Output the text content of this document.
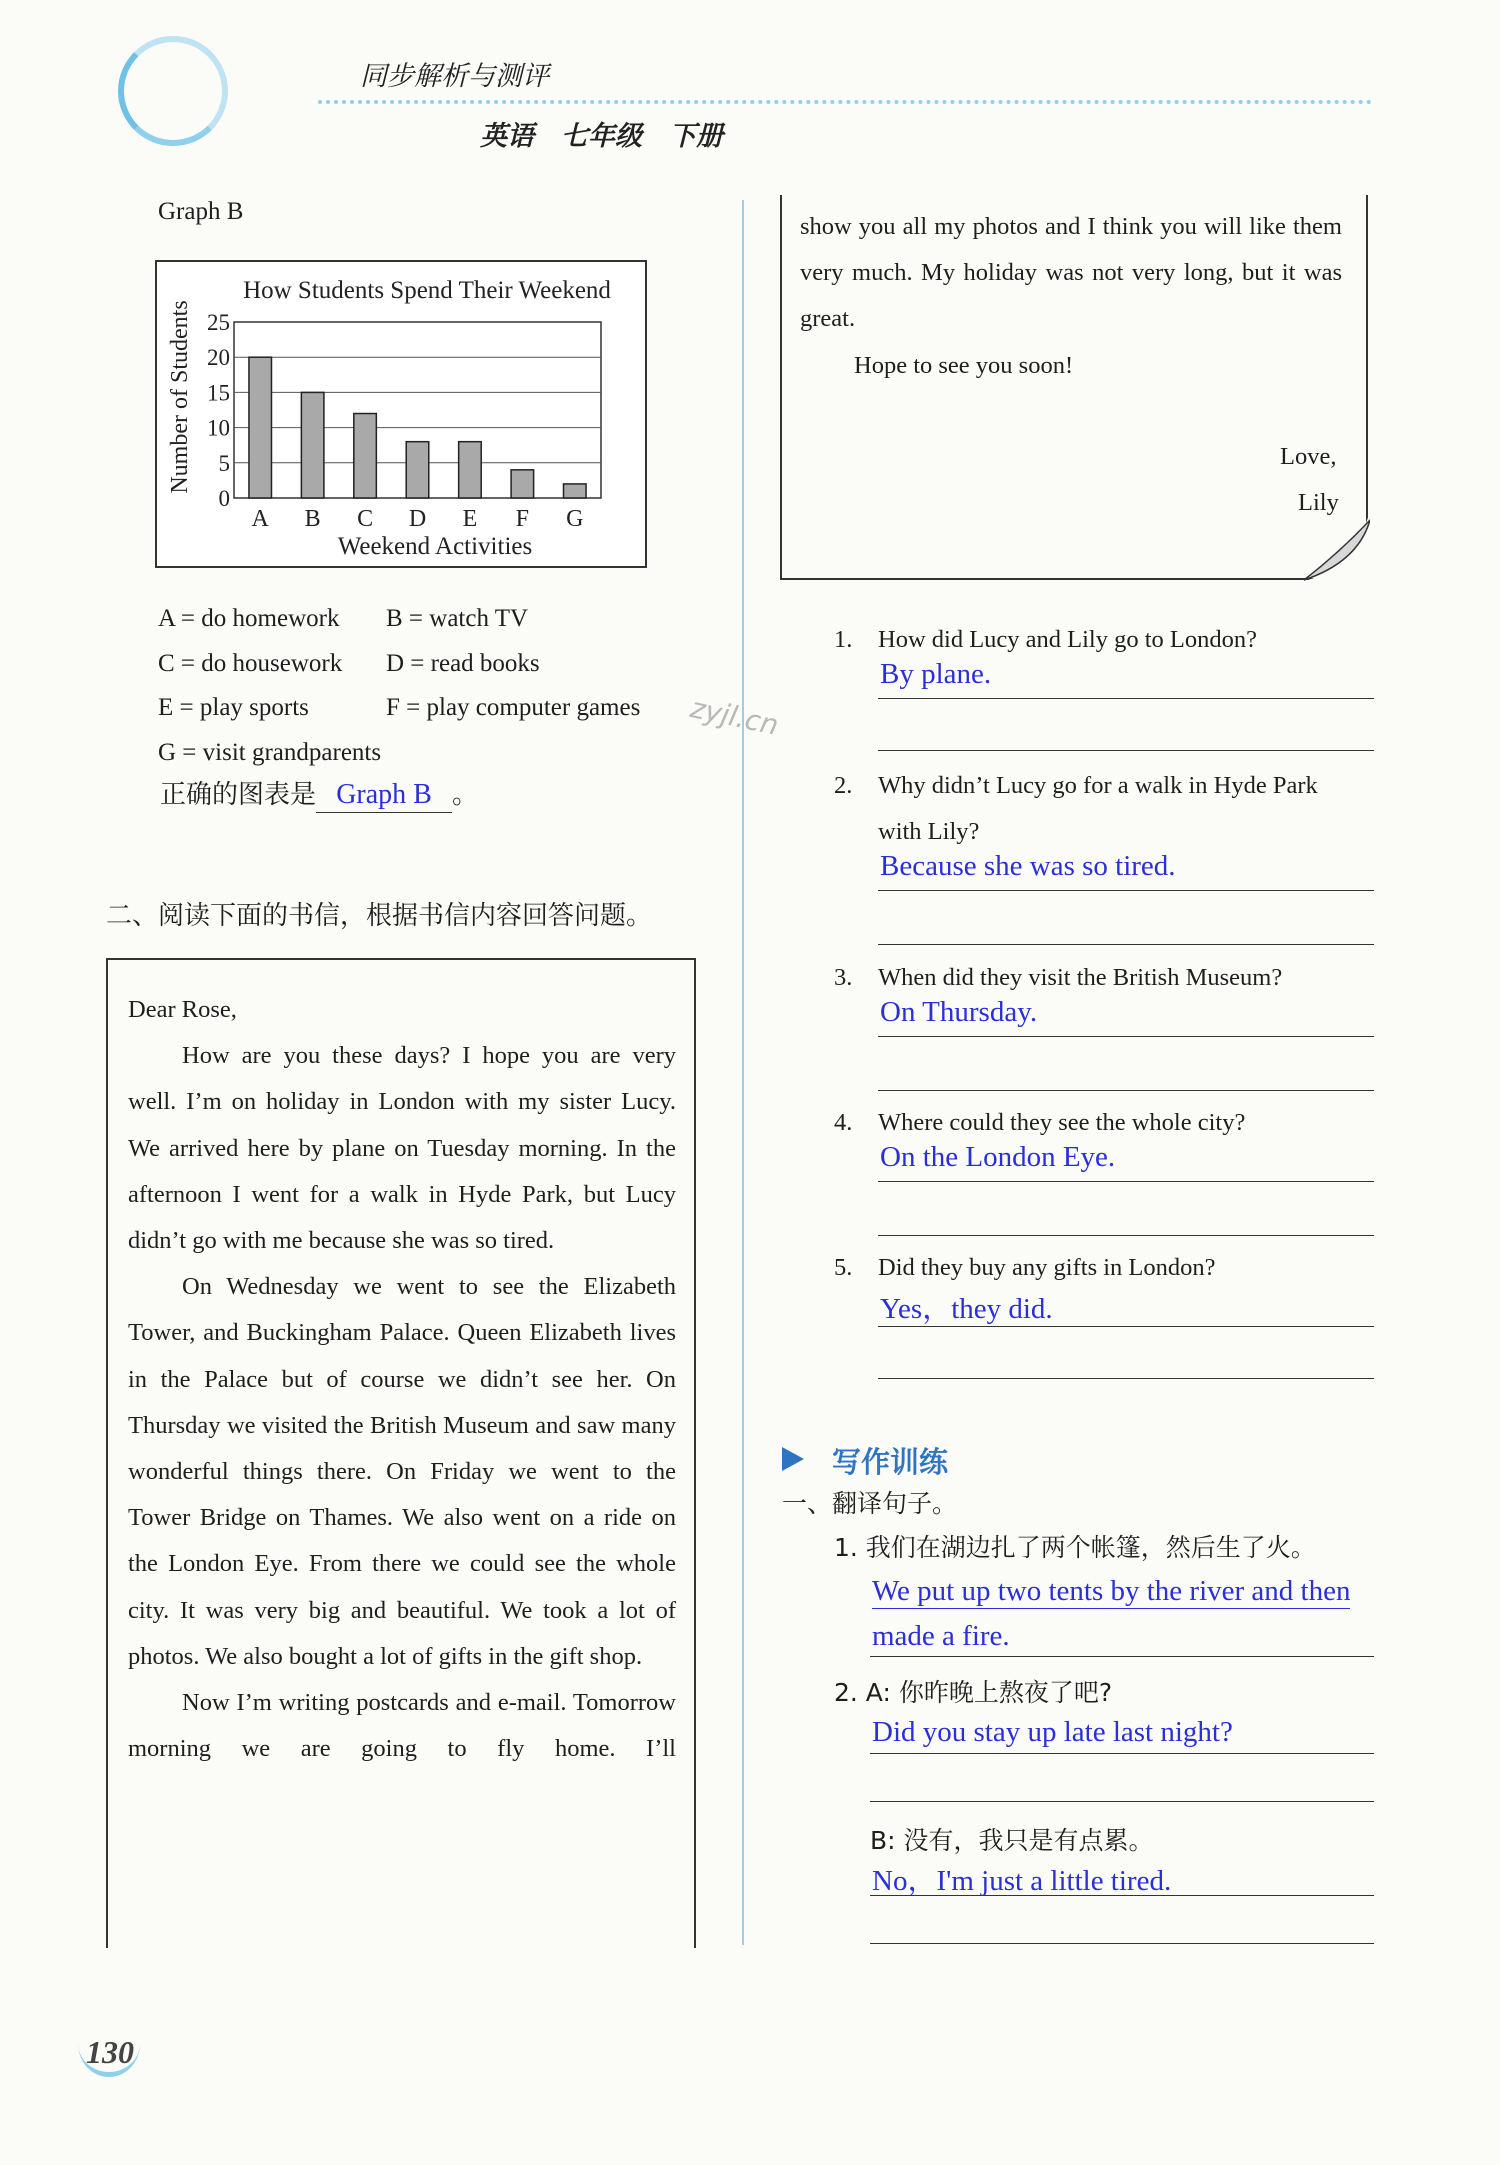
同步解析与测评
英语　七年级　下册
Graph B
How Students Spend Their Weekend
Number of Students
Weekend Activities
25
20
15
10
5
0
A B C D E F G
A = do homework B = watch TV
C = do housework D = read books
E = play sports	F = play computer games
G = visit grandparents
正确的图表是 Graph B 。
zyjl.cn
二、阅读下面的书信，根据书信内容回答问题。

Dear Rose,

How are you these days? I hope you are very well. I’m on holiday in London with my sister Lucy. We arrived here by plane on Tuesday morning. In the afternoon I went for a walk in Hyde Park, but Lucy didn’t go with me because she was so tired.

On Wednesday we went to see the Elizabeth Tower, and Buckingham Palace. Queen Elizabeth lives in the Palace but of course we didn’t see her. On Thursday we visited the British Museum and saw many wonderful things there. On Friday we went to the Tower Bridge on Thames. We also went on a ride on the London Eye. From there we could see the whole city. It was very big and beautiful. We took a lot of photos. We also bought a lot of gifts in the gift shop.

Now I’m writing postcards and e-mail. Tomorrow morning we are going to fly home. I’ll

show you all my photos and I think you will like them very much. My holiday was not very long, but it was great.

Hope to see you soon!

Love,
Lily
1. How did Lucy and Lily go to London?
By plane.
2. Why didn’t Lucy go for a walk in Hyde Park
with Lily?
Because she was so tired.
3. When did they visit the British Museum?
On Thursday.
4. Where could they see the whole city?
On the London Eye.
5. Did they buy any gifts in London?
Yes，they did.
写作训练
一、翻译句子。
1. 我们在湖边扎了两个帐篷，然后生了火。
We put up two tents by the river and then
made a fire.
2. A: 你昨晚上熬夜了吧?
Did you stay up late last night?
B: 没有，我只是有点累。
No，I'm just a little tired.
130
